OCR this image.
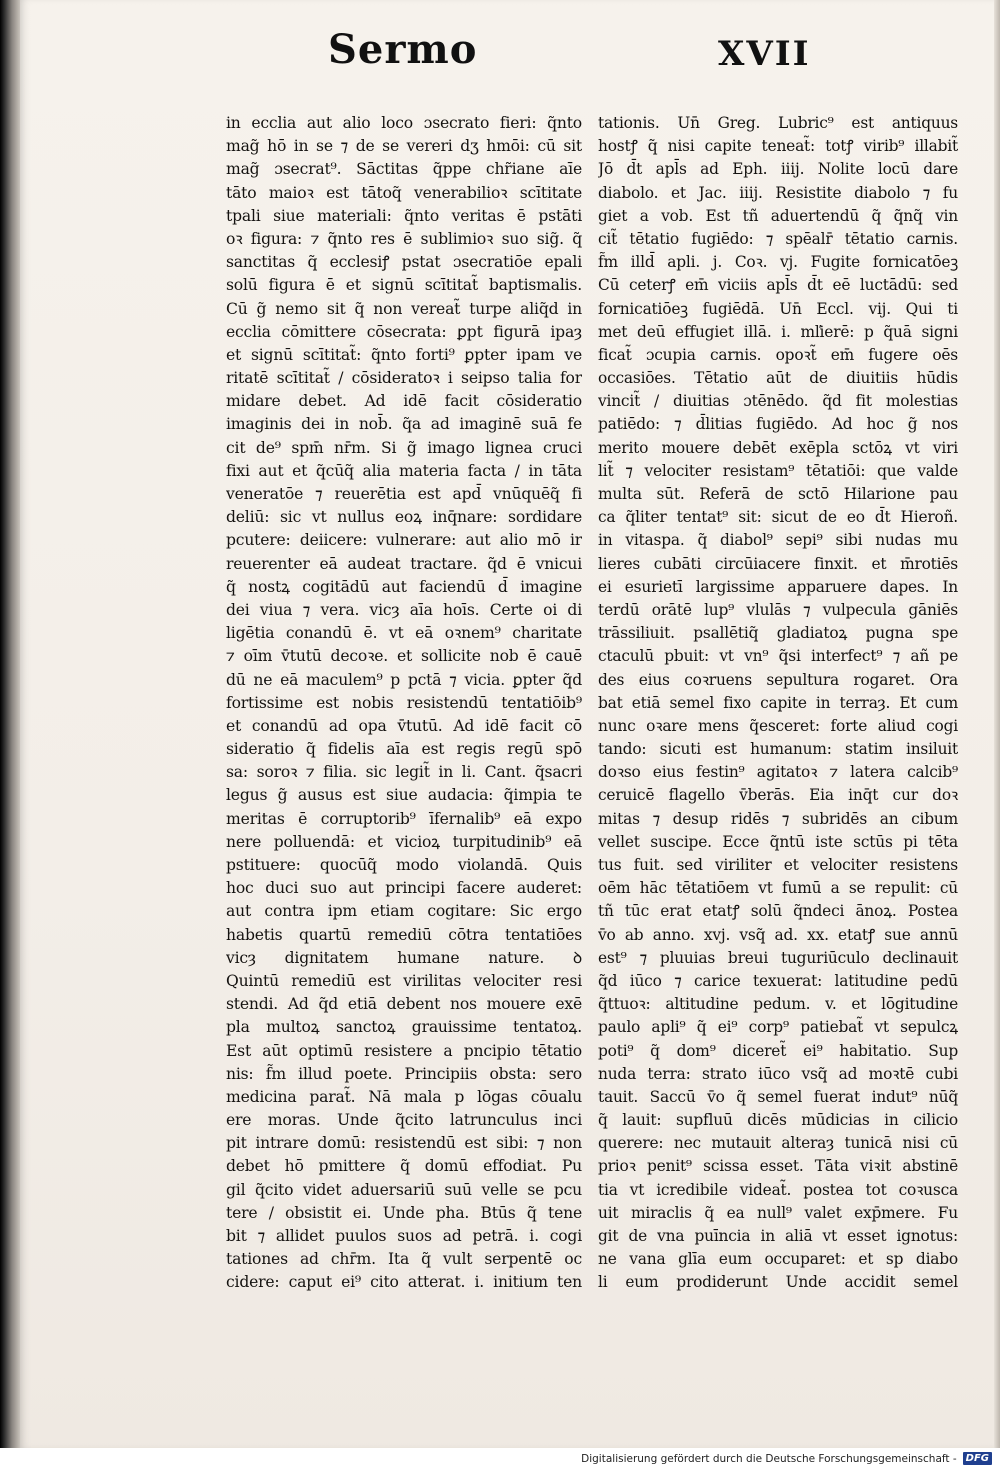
Sermo	XVII
in ecclia aut alio loco ɔsecrato fieri: q̃nto
mag̃ hō in se ⁊ de se vereri dʒ hmōi: cū sit
mag̃ ɔsecrat⁹. Sāctitas q̃ppe chr̃iane aīe
tāto maioꝛ est tātoq̃ venerabilioꝛ scītitate
tpali siue materiali: q̃nto veritas ē pstāti
oꝛ figura: ⁊ q̃nto res ē sublimioꝛ suo sig̃. q̃
sanctitas q̃ ecclesiꝭ pstat ɔsecratiōe epali
solū figura ē et signū scītitat̃ baptismalis.
Cū g̃ nemo sit q̃ non vereat̃ turpe aliq̃d in
ecclia cōmittere cōsecrata: ꝑpt figurā ipaȝ
et signū scītitat̃: q̃nto forti⁹ ꝑpter ipam ve
ritatē scītitat̃ / cōsideratoꝛ i seipso talia for
midare debet. Ad idē facit cōsideratio
imaginis dei in nob̄. q̃a ad imaginē suā fe
cit de⁹ spm̄ nr̄m. Si g̃ imago lignea cruci
fixi aut et q̃cūq̃ alia materia facta / in tāta
veneratōe ⁊ reuerētia est apd̄ vnūquēq̃ fi
deliū: sic vt nullus eoꝝ inq̄nare: sordidare
pcutere: deiicere: vulnerare: aut alio mō ir
reuerenter eā audeat tractare. q̃d ē vnicui
q̃ nostꝝ cogitādū aut faciendū d̄ imagine
dei viua ⁊ vera. vicȝ aīa hoīs. Certe oi di
ligētia conandū ē. vt eā oꝛnem⁹ charitate
⁊ oīm v̄tutū decoꝛe. et sollicite nob ē cauē
dū ne eā maculem⁹ p pctā ⁊ vicia. ꝑpter q̃d
fortissime est nobis resistendū tentatiōib⁹
et conandū ad opa v̄tutū. Ad idē facit cō
sideratio q̃ fidelis aīa est regis regū spō
sa: soroꝛ ⁊ filia. sic legit̃ in li. Cant. q̃sacri
legus g̃ ausus est siue audacia: q̃impia te
meritas ē corruptorib⁹ īfernalib⁹ eā expo
nere polluendā: et vicioꝝ turpitudinib⁹ eā
pstituere: quocūq̃ modo violandā. Quis
hoc duci suo aut principi facere auderet:
aut contra ipm etiam cogitare: Sic ergo
habetis quartū remediū cōtra tentatiōes
vicȝ dignitatem humane nature. ꝺ
Quintū remediū est virilitas velociter resi
stendi. Ad q̃d etiā debent nos mouere exē
pla multoꝝ sanctoꝝ grauissime tentatoꝝ.
Est aūt optimū resistere a pncipio tētatio
nis: f̃m illud poete. Principiis obsta: sero
medicina parat̃. Nā mala p lōgas cōualu
ere moras. Unde q̃cito latrunculus inci
pit intrare domū: resistendū est sibi: ⁊ non
debet hō pmittere q̃ domū effodiat. Pu
gil q̃cito videt aduersariū suū velle se pcu
tere / obsistit ei. Unde pha. Btūs q̃ tene
bit ⁊ allidet puulos suos ad petrā. i. cogi
tationes ad chr̄m. Ita q̃ vult serpentē oc
cidere: caput ei⁹ cito atterat. i. initium ten
tationis. Un̄ Greg. Lubric⁹ est antiquus
hostꝭ q̃ nisi capite teneat̃: totꝭ virib⁹ illabit̃
Jō d̄t apl̄s ad Eph. iiij. Nolite locū dare
diabolo. et Jac. iiij. Resistite diabolo ⁊ fu
giet a vob. Est tñ aduertendū q̃ q̃nq̃ vin
cit̃ tētatio fugiēdo: ⁊ spēalr̄ tētatio carnis.
f̃m illd̄ apli. j. Coꝛ. vj. Fugite fornicatōeꝫ
Cū ceterꝭ em̄ viciis apl̄s d̄t eē luctādū: sed
fornicatiōeꝫ fugiēdā. Un̄ Eccl. vij. Qui ti
met deū effugiet illā. i. mľierē: p q̃uā signi
ficat̃ ɔcupia carnis. opoꝛt̃ em̄ fugere oēs
occasiōes. Tētatio aūt de diuitiis hūdis
vincit̃ / diuitias ɔtēnēdo. q̃d fit molestias
patiēdo: ⁊ d̄litias fugiēdo. Ad hoc g̃ nos
merito mouere debēt exēpla sctōꝝ vt viri
lit̃ ⁊ velociter resistam⁹ tētatiōi: que valde
multa sūt. Referā de sctō Hilarione pau
ca q̃liter tentat⁹ sit: sicut de eo d̄t Hieroñ.
in vitaspa. q̃ diabol⁹ sepi⁹ sibi nudas mu
lieres cubāti circūiacere finxit. et m̄rotiēs
ei esurietī largissime apparuere dapes. In
terdū orātē lup⁹ vlulās ⁊ vulpecula gāniēs
trāssiliuit. psallētiq̃ gladiatoꝝ pugna spe
ctaculū pbuit: vt vn⁹ q̃si interfect⁹ ⁊ añ pe
des eius coꝛruens sepultura rogaret. Ora
bat etiā semel fixo capite in terraȝ. Et cum
nunc oꝛare mens q̃esceret: forte aliud cogi
tando: sicuti est humanum: statim insiluit
doꝛso eius festin⁹ agitatoꝛ ⁊ latera calcib⁹
ceruicē flagello v̄berās. Eia inq̄t cur doꝛ
mitas ⁊ desup ridēs ⁊ subridēs an cibum
vellet suscipe. Ecce q̃ntū iste sctūs pi tēta
tus fuit. sed viriliter et velociter resistens
oēm hāc tētatiōem vt fumū a se repulit: cū
tñ tūc erat etatꝭ solū q̃ndeci ānoꝝ. Postea
v̄o ab anno. xvj. vsq̃ ad. xx. etatꝭ sue annū
est⁹ ⁊ pluuias breui tuguriūculo declinauit
q̃d iūco ⁊ carice texuerat: latitudine pedū
q̃ttuoꝛ: altitudine pedum. v. et lōgitudine
paulo apli⁹ q̃ ei⁹ corp⁹ patiebat̃ vt sepulcꝝ
poti⁹ q̃ dom⁹ diceret̃ ei⁹ habitatio. Sup
nuda terra: strato iūco vsq̃ ad moꝛtē cubi
tauit. Saccū v̄o q̃ semel fuerat indut⁹ nūq̃
q̃ lauit: supfluū dicēs mūdicias in cilicio
querere: nec mutauit alteraȝ tunicā nisi cū
prioꝛ penit⁹ scissa esset. Tāta viꝛit abstinē
tia vt icredibile videat̃. postea tot coꝛusca
uit miraclis q̃ ea null⁹ valet exp̄mere. Fu
git de vna puīncia in aliā vt esset ignotus:
ne vana glīa eum occuparet: et sp diabo
li eum prodiderunt Unde accidit semel
Digitalisierung gefördert durch die Deutsche Forschungsgemeinschaft - DFG
